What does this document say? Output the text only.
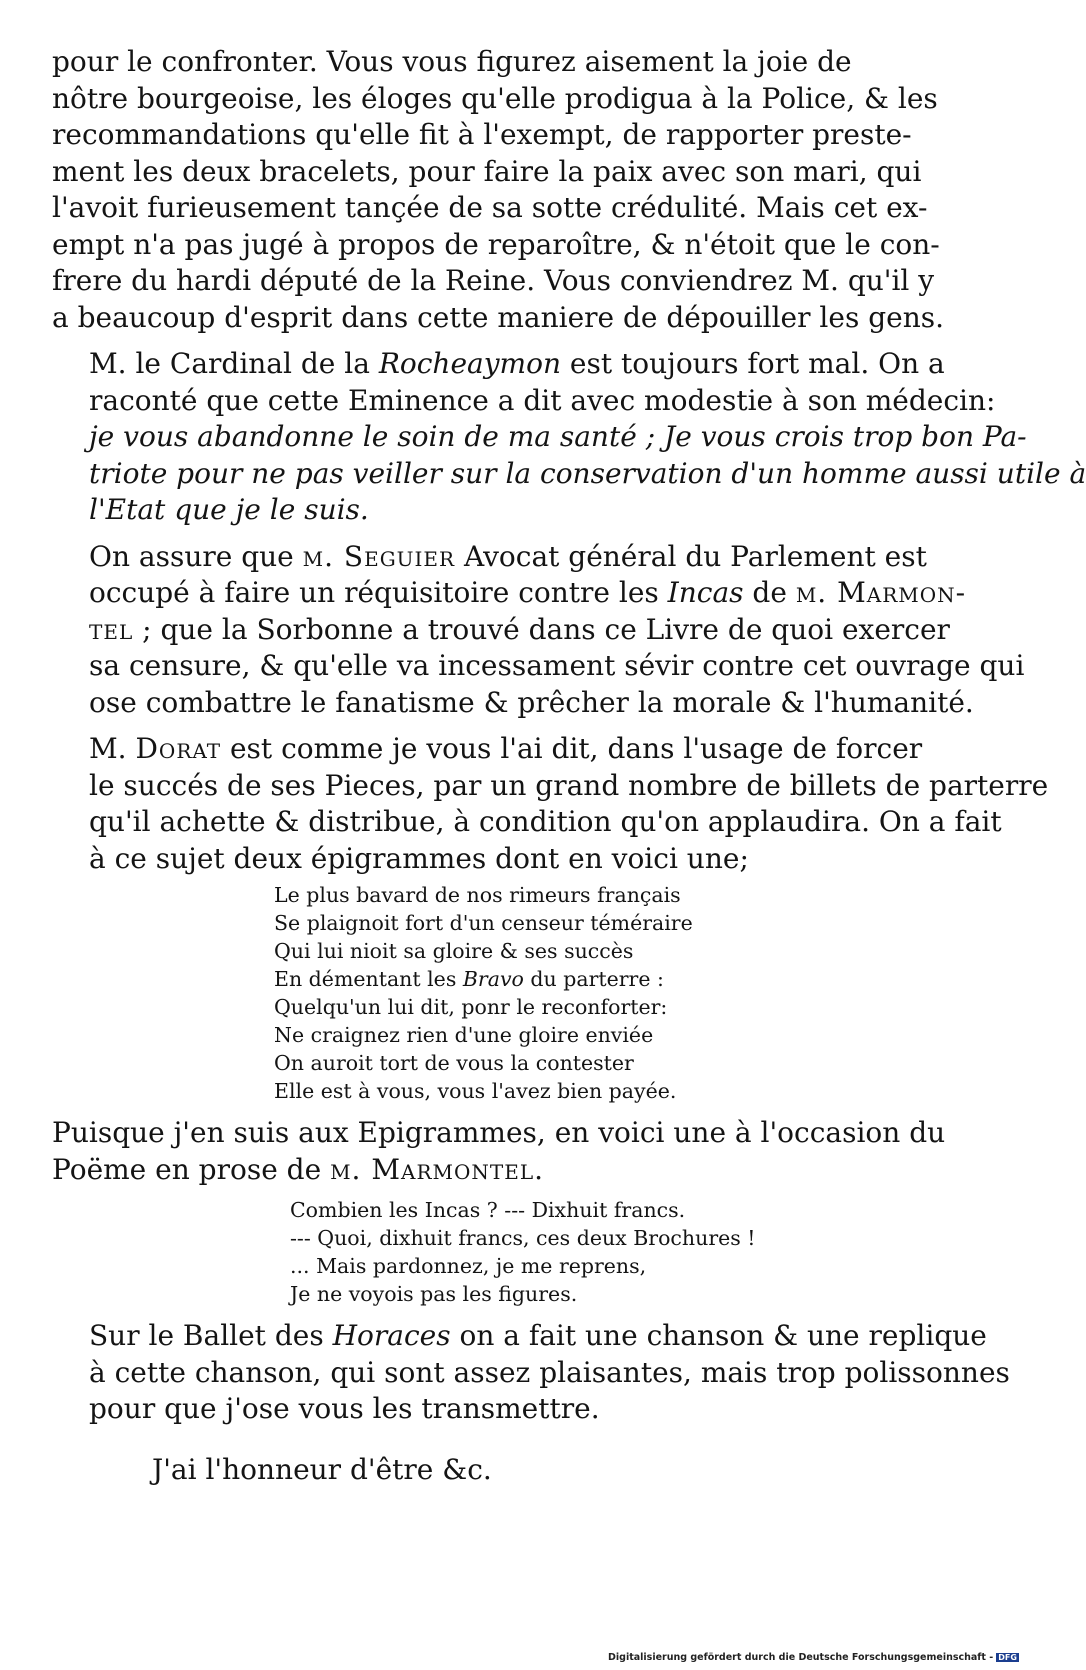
pour le confronter. Vous vous figurez aisement la joie de
nôtre bourgeoise, les éloges qu'elle prodigua à la Police, & les
recommandations qu'elle fit à l'exempt, de rapporter preste-
ment les deux bracelets, pour faire la paix avec son mari, qui
l'avoit furieusement tançée de sa sotte crédulité. Mais cet ex-
empt n'a pas jugé à propos de reparoître, & n'étoit que le con-
frere du hardi député de la Reine. Vous conviendrez M. qu'il y
a beaucoup d'esprit dans cette maniere de dépouiller les gens.

M. le Cardinal de la Rocheaymon est toujours fort mal. On a
raconté que cette Eminence a dit avec modestie à son médecin:
je vous abandonne le soin de ma santé ; Je vous crois trop bon Pa-
triote pour ne pas veiller sur la conservation d'un homme aussi utile à
l'Etat que je le suis.

On assure que m. Seguier Avocat général du Parlement est
occupé à faire un réquisitoire contre les Incas de m. Marmon-
tel ; que la Sorbonne a trouvé dans ce Livre de quoi exercer
sa censure, & qu'elle va incessament sévir contre cet ouvrage qui
ose combattre le fanatisme & prêcher la morale & l'humanité.

M. Dorat est comme je vous l'ai dit, dans l'usage de forcer
le succés de ses Pieces, par un grand nombre de billets de parterre
qu'il achette & distribue, à condition qu'on applaudira. On a fait
à ce sujet deux épigrammes dont en voici une;

Le plus bavard de nos rimeurs français
Se plaignoit fort d'un censeur téméraire
Qui lui nioit sa gloire & ses succès
En démentant les Bravo du parterre :
Quelqu'un lui dit, ponr le reconforter:
Ne craignez rien d'une gloire enviée
On auroit tort de vous la contester
Elle est à vous, vous l'avez bien payée.

Puisque j'en suis aux Epigrammes, en voici une à l'occasion du
Poëme en prose de m. Marmontel.

Combien les Incas ? --- Dixhuit francs.
--- Quoi, dixhuit francs, ces deux Brochures !
... Mais pardonnez, je me reprens,
Je ne voyois pas les figures.

Sur le Ballet des Horaces on a fait une chanson & une replique
à cette chanson, qui sont assez plaisantes, mais trop polissonnes
pour que j'ose vous les transmettre.

J'ai l'honneur d'être &c.

Digitalisierung gefördert durch die Deutsche Forschungsgemeinschaft - DFG
